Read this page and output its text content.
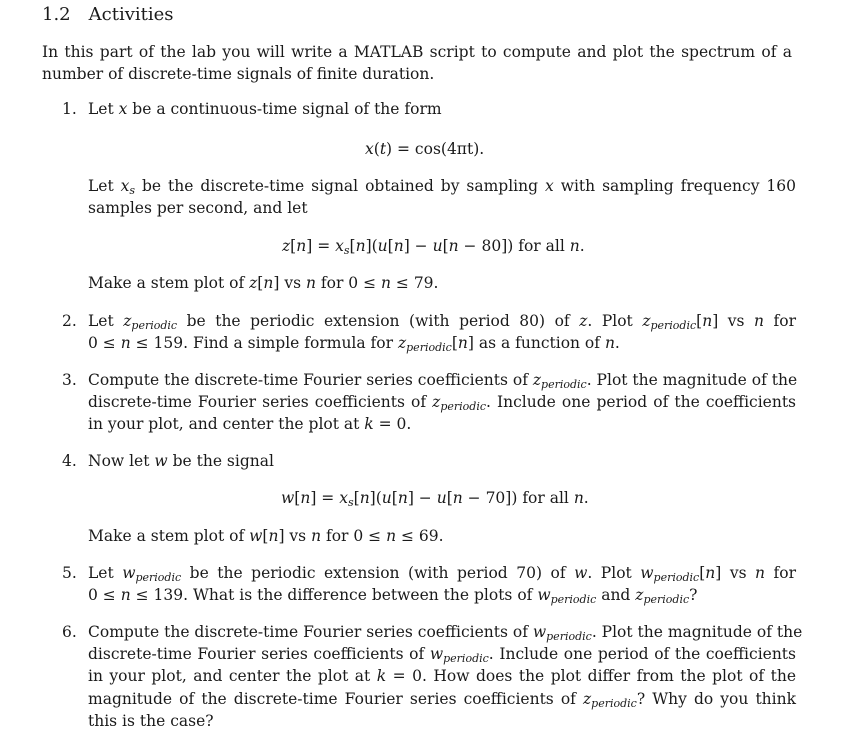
1.2 Activities
In this part of the lab you will write a MATLAB script to compute and plot the spectrum of a
number of discrete-time signals of finite duration.
1. Let x be a continuous-time signal of the form
x(t) = cos(4πt).
Let $x_s$ be the discrete-time signal obtained by sampling x with sampling frequency 160
samples per second, and let
$z[n] = x_s[n](u[n] - u[n - 80])$ for all n.
Make a stem plot of z[n] vs n for 0 ≤ n ≤ 79.
2. Let $z_{periodic}$ be the periodic extension (with period 80) of z. Plot $z_{periodic}[n]$ vs n for
0 ≤ n ≤ 159. Find a simple formula for $z_{periodic}[n]$ as a function of n.
3. Compute the discrete-time Fourier series coefficients of $z_{periodic}$. Plot the magnitude of the
discrete-time Fourier series coefficients of $z_{periodic}$. Include one period of the coefficients
in your plot, and center the plot at k = 0.
4. Now let w be the signal
$w[n] = x_s[n](u[n] - u[n - 70])$ for all n.
Make a stem plot of w[n] vs n for 0 ≤ n ≤ 69.
5. Let $w_{periodic}$ be the periodic extension (with period 70) of w. Plot $w_{periodic}[n]$ vs n for
0 ≤ n ≤ 139. What is the difference between the plots of $w_{periodic}$ and $z_{periodic}$?
6. Compute the discrete-time Fourier series coefficients of $w_{periodic}$. Plot the magnitude of the
discrete-time Fourier series coefficients of $w_{periodic}$. Include one period of the coefficients
in your plot, and center the plot at k = 0. How does the plot differ from the plot of the
magnitude of the discrete-time Fourier series coefficients of $z_{periodic}$? Why do you think
this is the case?
